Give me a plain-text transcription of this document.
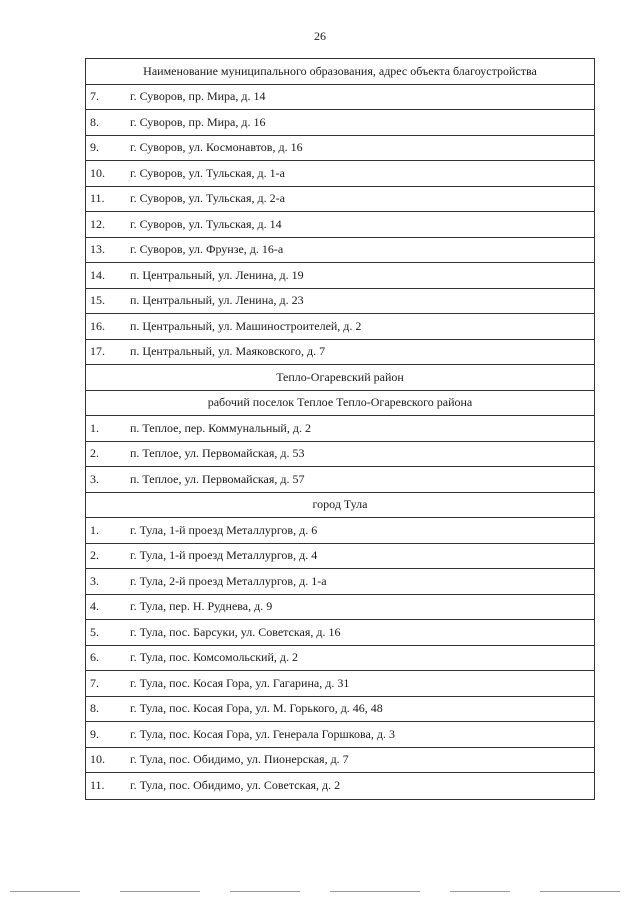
26
Наименование муниципального образования, адрес объекта благоустройства
7.	г. Суворов, пр. Мира, д. 14
8.	г. Суворов, пр. Мира, д. 16
9.	г. Суворов, ул. Космонавтов, д. 16
10.	г. Суворов, ул. Тульская, д. 1-а
11.	г. Суворов, ул. Тульская, д. 2-а
12.	г. Суворов, ул. Тульская, д. 14
13.	г. Суворов, ул. Фрунзе, д. 16-а
14.	п. Центральный, ул. Ленина, д. 19
15.	п. Центральный, ул. Ленина, д. 23
16.	п. Центральный, ул. Машиностроителей, д. 2
17.	п. Центральный, ул. Маяковского, д. 7
Тепло-Огаревский район
рабочий поселок Теплое Тепло-Огаревского района
1.	п. Теплое, пер. Коммунальный, д. 2
2.	п. Теплое, ул. Первомайская, д. 53
3.	п. Теплое, ул. Первомайская, д. 57
город Тула
1.	г. Тула, 1-й проезд Металлургов, д. 6
2.	г. Тула, 1-й проезд Металлургов, д. 4
3.	г. Тула, 2-й проезд Металлургов, д. 1-а
4.	г. Тула, пер. Н. Руднева, д. 9
5.	г. Тула, пос. Барсуки, ул. Советская, д. 16
6.	г. Тула, пос. Комсомольский, д. 2
7.	г. Тула, пос. Косая Гора, ул. Гагарина, д. 31
8.	г. Тула, пос. Косая Гора, ул. М. Горького, д. 46, 48
9.	г. Тула, пос. Косая Гора, ул. Генерала Горшкова, д. 3
10.	г. Тула, пос. Обидимо, ул. Пионерская, д. 7
11.	г. Тула, пос. Обидимо, ул. Советская, д. 2
